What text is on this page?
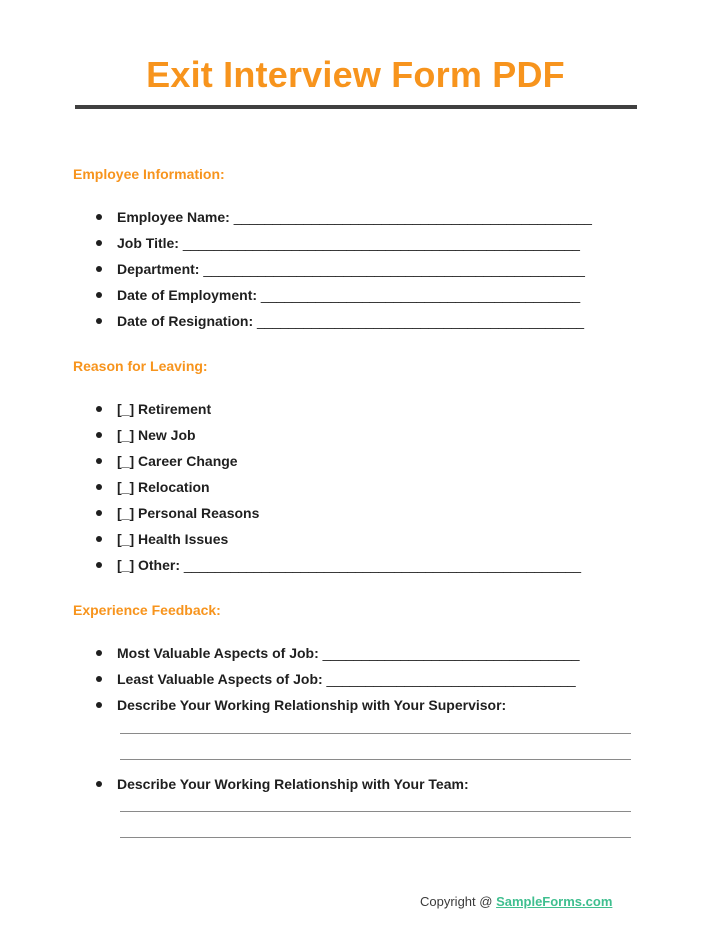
Exit Interview Form PDF
Employee Information:
Employee Name: ______________________________________________
Job Title: ___________________________________________________
Department: _________________________________________________
Date of Employment: _________________________________________
Date of Resignation: __________________________________________
Reason for Leaving:
[_] Retirement
[_] New Job
[_] Career Change
[_] Relocation
[_] Personal Reasons
[_] Health Issues
[_] Other: ___________________________________________________
Experience Feedback:
Most Valuable Aspects of Job: _________________________________
Least Valuable Aspects of Job: ________________________________
Describe Your Working Relationship with Your Supervisor:
Describe Your Working Relationship with Your Team:
Copyright @ SampleForms.com
